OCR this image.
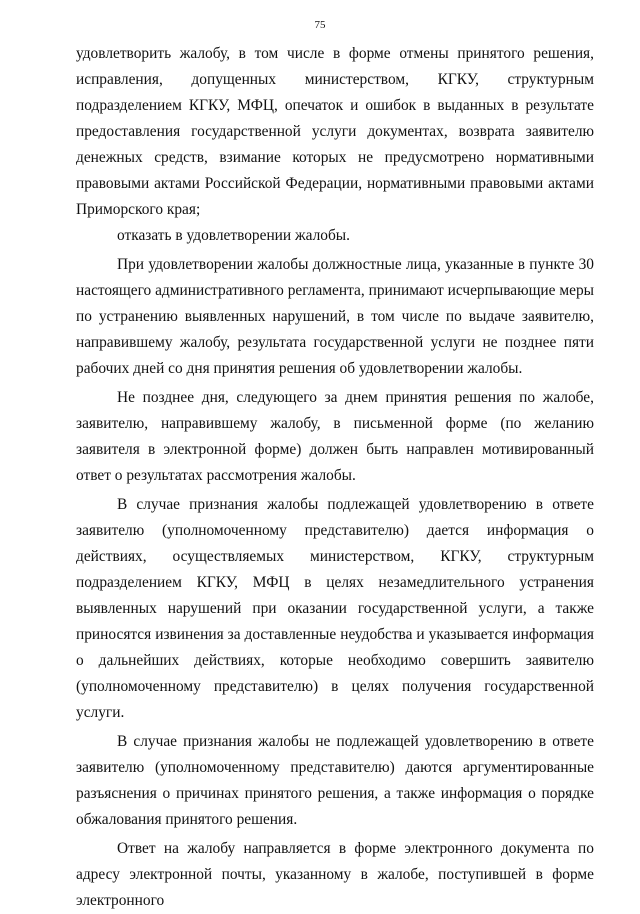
75

удовлетворить жалобу, в том числе в форме отмены принятого решения, исправления, допущенных министерством, КГКУ, структурным подразделением КГКУ, МФЦ, опечаток и ошибок в выданных в результате предоставления государственной услуги документах, возврата заявителю денежных средств, взимание которых не предусмотрено нормативными правовыми актами Российской Федерации, нормативными правовыми актами Приморского края;

отказать в удовлетворении жалобы.

При удовлетворении жалобы должностные лица, указанные в пункте 30 настоящего административного регламента, принимают исчерпывающие меры по устранению выявленных нарушений, в том числе по выдаче заявителю, направившему жалобу, результата государственной услуги не позднее пяти рабочих дней со дня принятия решения об удовлетворении жалобы.

Не позднее дня, следующего за днем принятия решения по жалобе, заявителю, направившему жалобу, в письменной форме (по желанию заявителя в электронной форме) должен быть направлен мотивированный ответ о результатах рассмотрения жалобы.

В случае признания жалобы подлежащей удовлетворению в ответе заявителю (уполномоченному представителю) дается информация о действиях, осуществляемых министерством, КГКУ, структурным подразделением КГКУ, МФЦ в целях незамедлительного устранения выявленных нарушений при оказании государственной услуги, а также приносятся извинения за доставленные неудобства и указывается информация о дальнейших действиях, которые необходимо совершить заявителю (уполномоченному представителю) в целях получения государственной услуги.

В случае признания жалобы не подлежащей удовлетворению в ответе заявителю (уполномоченному представителю) даются аргументированные разъяснения о причинах принятого решения, а также информация о порядке обжалования принятого решения.

Ответ на жалобу направляется в форме электронного документа по адресу электронной почты, указанному в жалобе, поступившей в форме электронного
